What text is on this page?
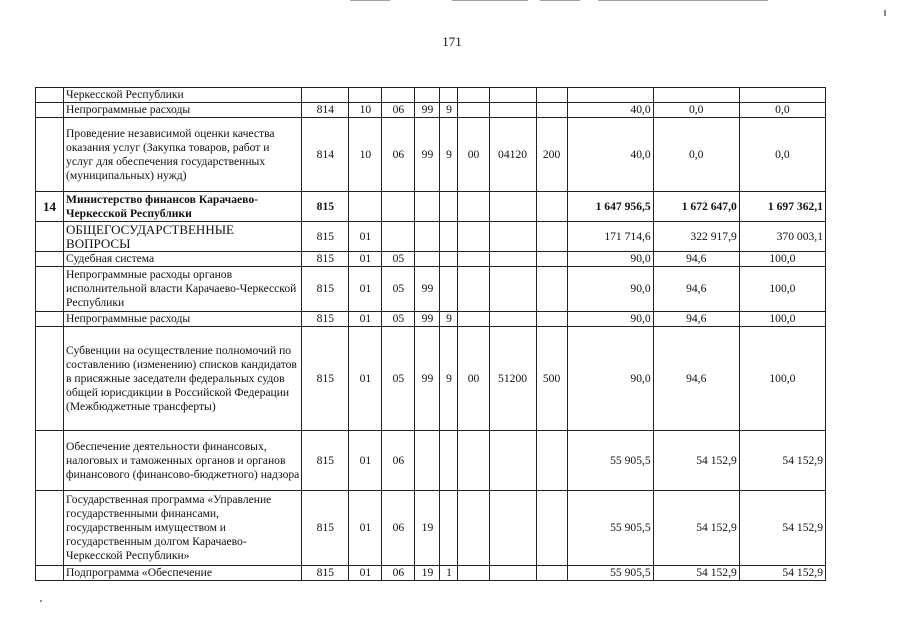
171
	Черкесской Республики											
	Непрограммные расходы	814	10	06	99	9				40,0	0,0	0,0
	Проведение независимой оценки качества оказания услуг (Закупка товаров, работ и услуг для обеспечения государственных (муниципальных) нужд)	814	10	06	99	9	00	04120	200	40,0	0,0	0,0
14	Министерство финансов Карачаево-Черкесской Республики	815								1 647 956,5	1 672 647,0	1 697 362,1
	ОБЩЕГОСУДАРСТВЕННЫЕ ВОПРОСЫ	815	01							171 714,6	322 917,9	370 003,1
	Судебная система	815	01	05						90,0	94,6	100,0
	Непрограммные расходы органов исполнительной власти Карачаево-Черкесской Республики	815	01	05	99					90,0	94,6	100,0
	Непрограммные расходы	815	01	05	99	9				90,0	94,6	100,0
	Субвенции на осуществление полномочий по составлению (изменению) списков кандидатов в присяжные заседатели федеральных судов общей юрисдикции в Российской Федерации (Межбюджетные трансферты)	815	01	05	99	9	00	51200	500	90,0	94,6	100,0
	Обеспечение деятельности финансовых, налоговых и таможенных органов и органов финансового (финансово-бюджетного) надзора	815	01	06						55 905,5	54 152,9	54 152,9
	Государственная программа «Управление государственными финансами, государственным имуществом и государственным долгом Карачаево-Черкесской Республики»	815	01	06	19					55 905,5	54 152,9	54 152,9
	Подпрограмма «Обеспечение	815	01	06	19	1				55 905,5	54 152,9	54 152,9
